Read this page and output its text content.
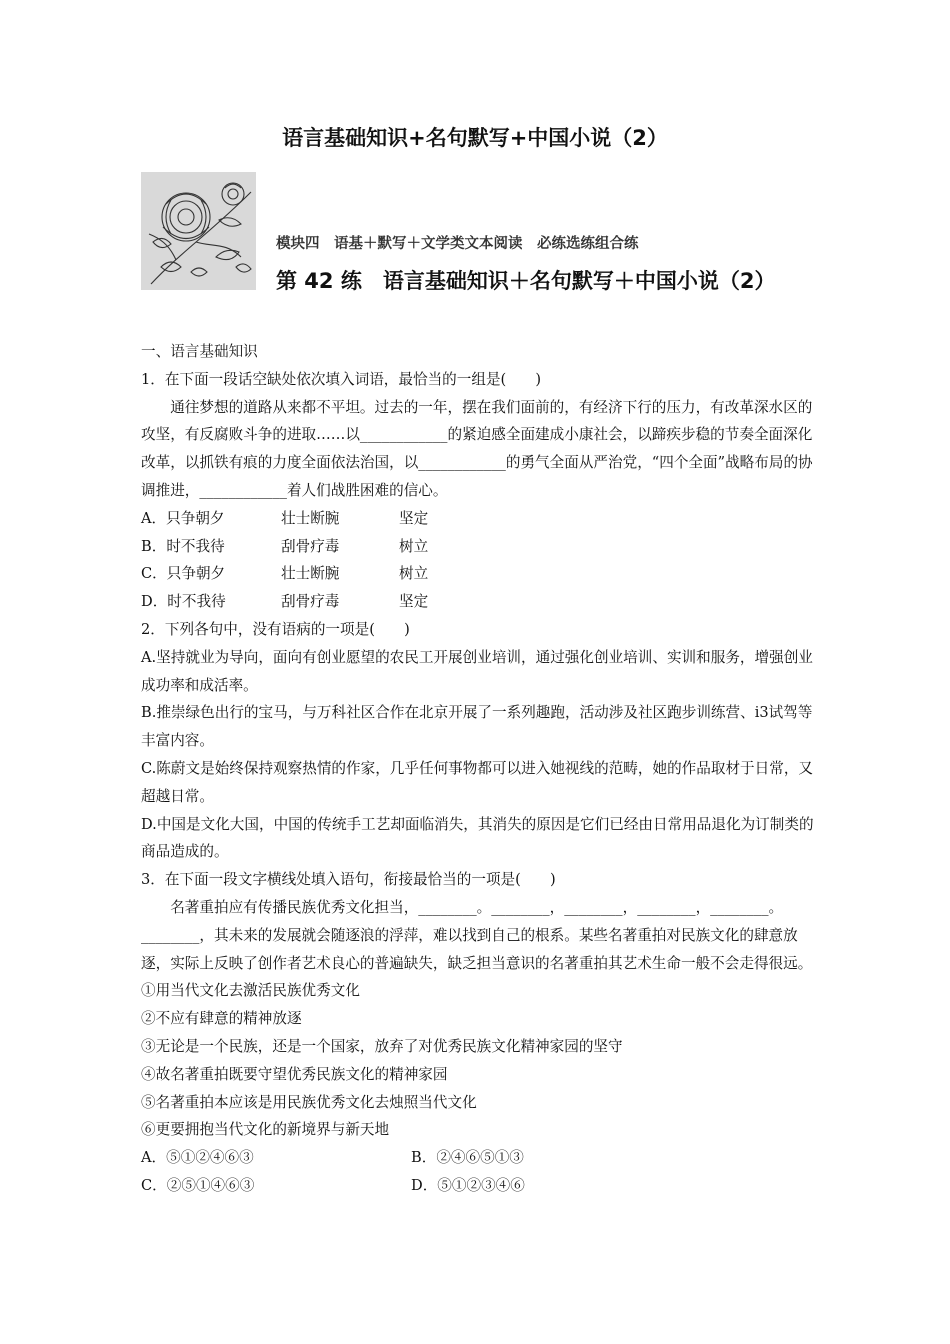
语言基础知识+名句默写+中国小说（2）
模块四　语基＋默写＋文学类文本阅读　必练选练组合练
第 42 练　语言基础知识＋名句默写＋中国小说（2）
一、语言基础知识
1．在下面一段话空缺处依次填入词语，最恰当的一组是(　　)
通往梦想的道路从来都不平坦。过去的一年，摆在我们面前的，有经济下行的压力，有改革深水区的攻坚，有反腐败斗争的进取……以____________的紧迫感全面建成小康社会，以蹄疾步稳的节奏全面深化改革，以抓铁有痕的力度全面依法治国，以____________的勇气全面从严治党，“四个全面”战略布局的协调推进，____________着人们战胜困难的信心。
A．只争朝夕	壮士断腕	坚定
B．时不我待	刮骨疗毒	树立
C．只争朝夕	壮士断腕	树立
D．时不我待	刮骨疗毒	坚定
2．下列各句中，没有语病的一项是(　　)
A.坚持就业为导向，面向有创业愿望的农民工开展创业培训，通过强化创业培训、实训和服务，增强创业成功率和成活率。
B.推崇绿色出行的宝马，与万科社区合作在北京开展了一系列趣跑，活动涉及社区跑步训练营、i3试驾等丰富内容。
C.陈蔚文是始终保持观察热情的作家，几乎任何事物都可以进入她视线的范畴，她的作品取材于日常，又超越日常。
D.中国是文化大国，中国的传统手工艺却面临消失，其消失的原因是它们已经由日常用品退化为订制类的商品造成的。
3．在下面一段文字横线处填入语句，衔接最恰当的一项是(　　)
名著重拍应有传播民族优秀文化担当，________。________，________，________，________。________，其未来的发展就会随逐浪的浮萍，难以找到自己的根系。某些名著重拍对民族文化的肆意放逐，实际上反映了创作者艺术良心的普遍缺失，缺乏担当意识的名著重拍其艺术生命一般不会走得很远。
①用当代文化去激活民族优秀文化
②不应有肆意的精神放逐
③无论是一个民族，还是一个国家，放弃了对优秀民族文化精神家园的坚守
④故名著重拍既要守望优秀民族文化的精神家园
⑤名著重拍本应该是用民族优秀文化去烛照当代文化
⑥更要拥抱当代文化的新境界与新天地
A．⑤①②④⑥③	B．②④⑥⑤①③
C．②⑤①④⑥③	D．⑤①②③④⑥
